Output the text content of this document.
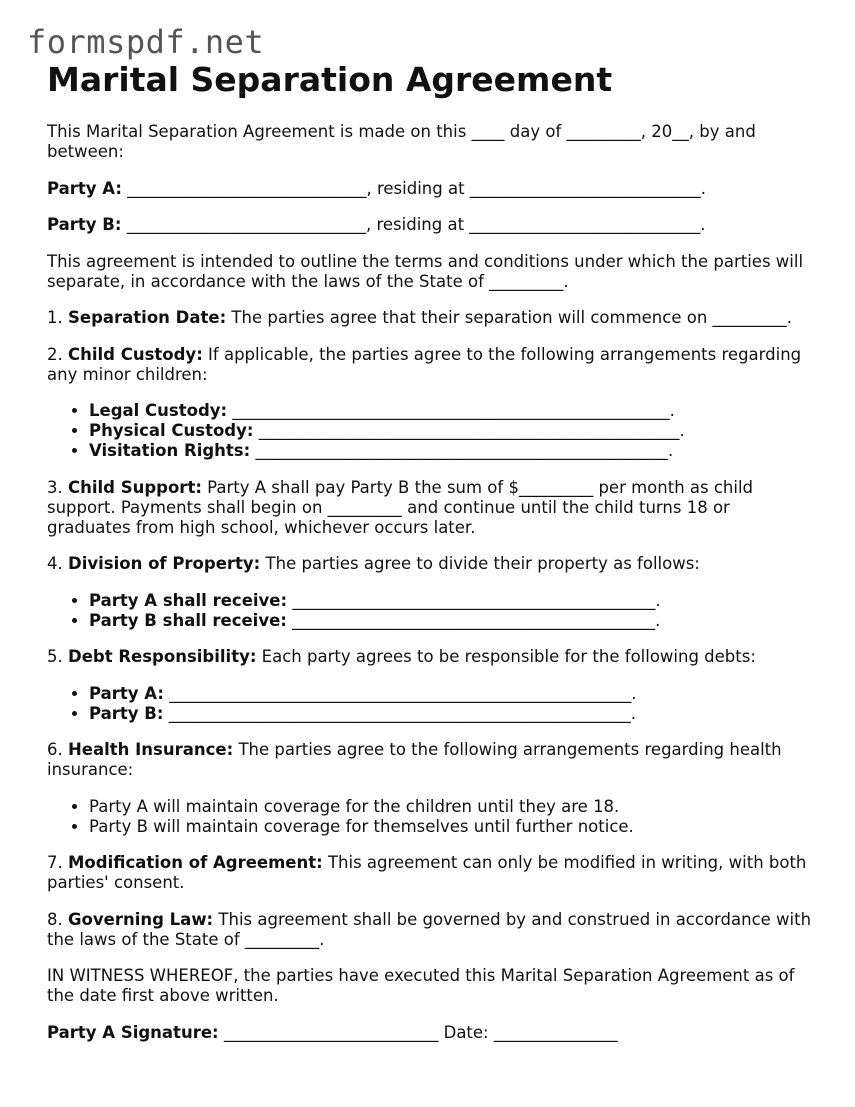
formspdf.net
Marital Separation Agreement

This Marital Separation Agreement is made on this ____ day of _________, 20__, by and between:

Party A: _____________________________, residing at ____________________________.

Party B: _____________________________, residing at ____________________________.

This agreement is intended to outline the terms and conditions under which the parties will separate, in accordance with the laws of the State of _________.

1. Separation Date: The parties agree that their separation will commence on _________.

2. Child Custody: If applicable, the parties agree to the following arrangements regarding any minor children:

• Legal Custody: _____________________________________________________.
• Physical Custody: ___________________________________________________.
• Visitation Rights: __________________________________________________.

3. Child Support: Party A shall pay Party B the sum of $_________ per month as child support. Payments shall begin on _________ and continue until the child turns 18 or graduates from high school, whichever occurs later.

4. Division of Property: The parties agree to divide their property as follows:

• Party A shall receive: ____________________________________________.
• Party B shall receive: ____________________________________________.

5. Debt Responsibility: Each party agrees to be responsible for the following debts:

• Party A: ________________________________________________________.
• Party B: ________________________________________________________.

6. Health Insurance: The parties agree to the following arrangements regarding health insurance:

• Party A will maintain coverage for the children until they are 18.
• Party B will maintain coverage for themselves until further notice.

7. Modification of Agreement: This agreement can only be modified in writing, with both parties' consent.

8. Governing Law: This agreement shall be governed by and construed in accordance with the laws of the State of _________.

IN WITNESS WHEREOF, the parties have executed this Marital Separation Agreement as of the date first above written.

Party A Signature: __________________________ Date: _______________
